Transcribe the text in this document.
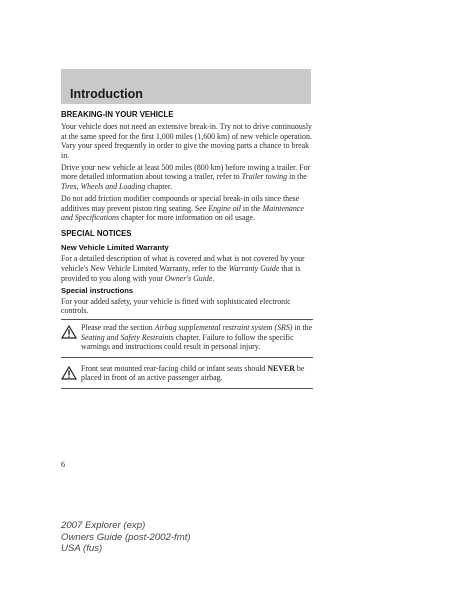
Introduction
BREAKING-IN YOUR VEHICLE

Your vehicle does not need an extensive break-in. Try not to drive continuously at the same speed for the first 1,000 miles (1,600 km) of new vehicle operation. Vary your speed frequently in order to give the moving parts a chance to break in.

Drive your new vehicle at least 500 miles (800 km) before towing a trailer. For more detailed information about towing a trailer, refer to Trailer towing in the Tires, Wheels and Loading chapter.

Do not add friction modifier compounds or special break-in oils since these additives may prevent piston ring seating. See Engine oil in the Maintenance and Specifications chapter for more information on oil usage.

SPECIAL NOTICES
New Vehicle Limited Warranty

For a detailed description of what is covered and what is not covered by your vehicle's New Vehicle Limited Warranty, refer to the Warranty Guide that is provided to you along with your Owner's Guide.

Special instructions

For your added safety, your vehicle is fitted with sophisticated electronic controls.

Please read the section Airbag supplemental restraint system (SRS) in the Seating and Safety Restraints chapter. Failure to follow the specific warnings and instructions could result in personal injury.
Front seat mounted rear-facing child or infant seats should NEVER be placed in front of an active passenger airbag.
6
2007 Explorer (exp)
Owners Guide (post-2002-fmt)
USA (fus)
